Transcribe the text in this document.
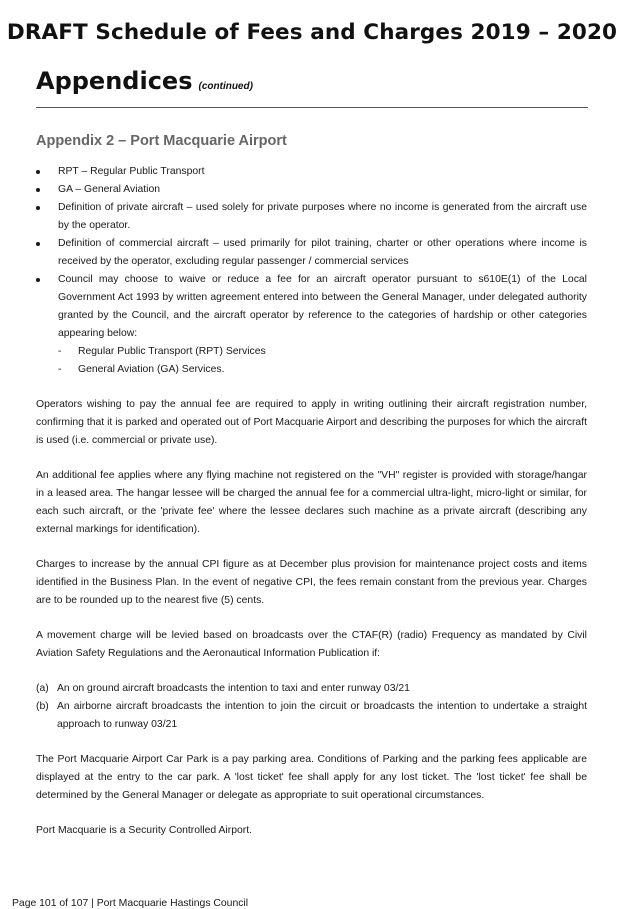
DRAFT Schedule of Fees and Charges 2019 – 2020
Appendices (continued)
Appendix 2 – Port Macquarie Airport
RPT – Regular Public Transport
GA – General Aviation
Definition of private aircraft – used solely for private purposes where no income is generated from the aircraft use by the operator.
Definition of commercial aircraft – used primarily for pilot training, charter or other operations where income is received by the operator, excluding regular passenger / commercial services
Council may choose to waive or reduce a fee for an aircraft operator pursuant to s610E(1) of the Local Government Act 1993 by written agreement entered into between the General Manager, under delegated authority granted by the Council, and the aircraft operator by reference to the categories of hardship or other categories appearing below:
- Regular Public Transport (RPT) Services
- General Aviation (GA) Services.

Operators wishing to pay the annual fee are required to apply in writing outlining their aircraft registration number, confirming that it is parked and operated out of Port Macquarie Airport and describing the purposes for which the aircraft is used (i.e. commercial or private use).

An additional fee applies where any flying machine not registered on the "VH" register is provided with storage/hangar in a leased area. The hangar lessee will be charged the annual fee for a commercial ultra-light, micro-light or similar, for each such aircraft, or the 'private fee' where the lessee declares such machine as a private aircraft (describing any external markings for identification).

Charges to increase by the annual CPI figure as at December plus provision for maintenance project costs and items identified in the Business Plan. In the event of negative CPI, the fees remain constant from the previous year. Charges are to be rounded up to the nearest five (5) cents.

A movement charge will be levied based on broadcasts over the CTAF(R) (radio) Frequency as mandated by Civil Aviation Safety Regulations and the Aeronautical Information Publication if:

(a) An on ground aircraft broadcasts the intention to taxi and enter runway 03/21
(b) An airborne aircraft broadcasts the intention to join the circuit or broadcasts the intention to undertake a straight approach to runway 03/21

The Port Macquarie Airport Car Park is a pay parking area. Conditions of Parking and the parking fees applicable are displayed at the entry to the car park. A 'lost ticket' fee shall apply for any lost ticket. The 'lost ticket' fee shall be determined by the General Manager or delegate as appropriate to suit operational circumstances.

Port Macquarie is a Security Controlled Airport.

Page 101 of 107 | Port Macquarie Hastings Council
